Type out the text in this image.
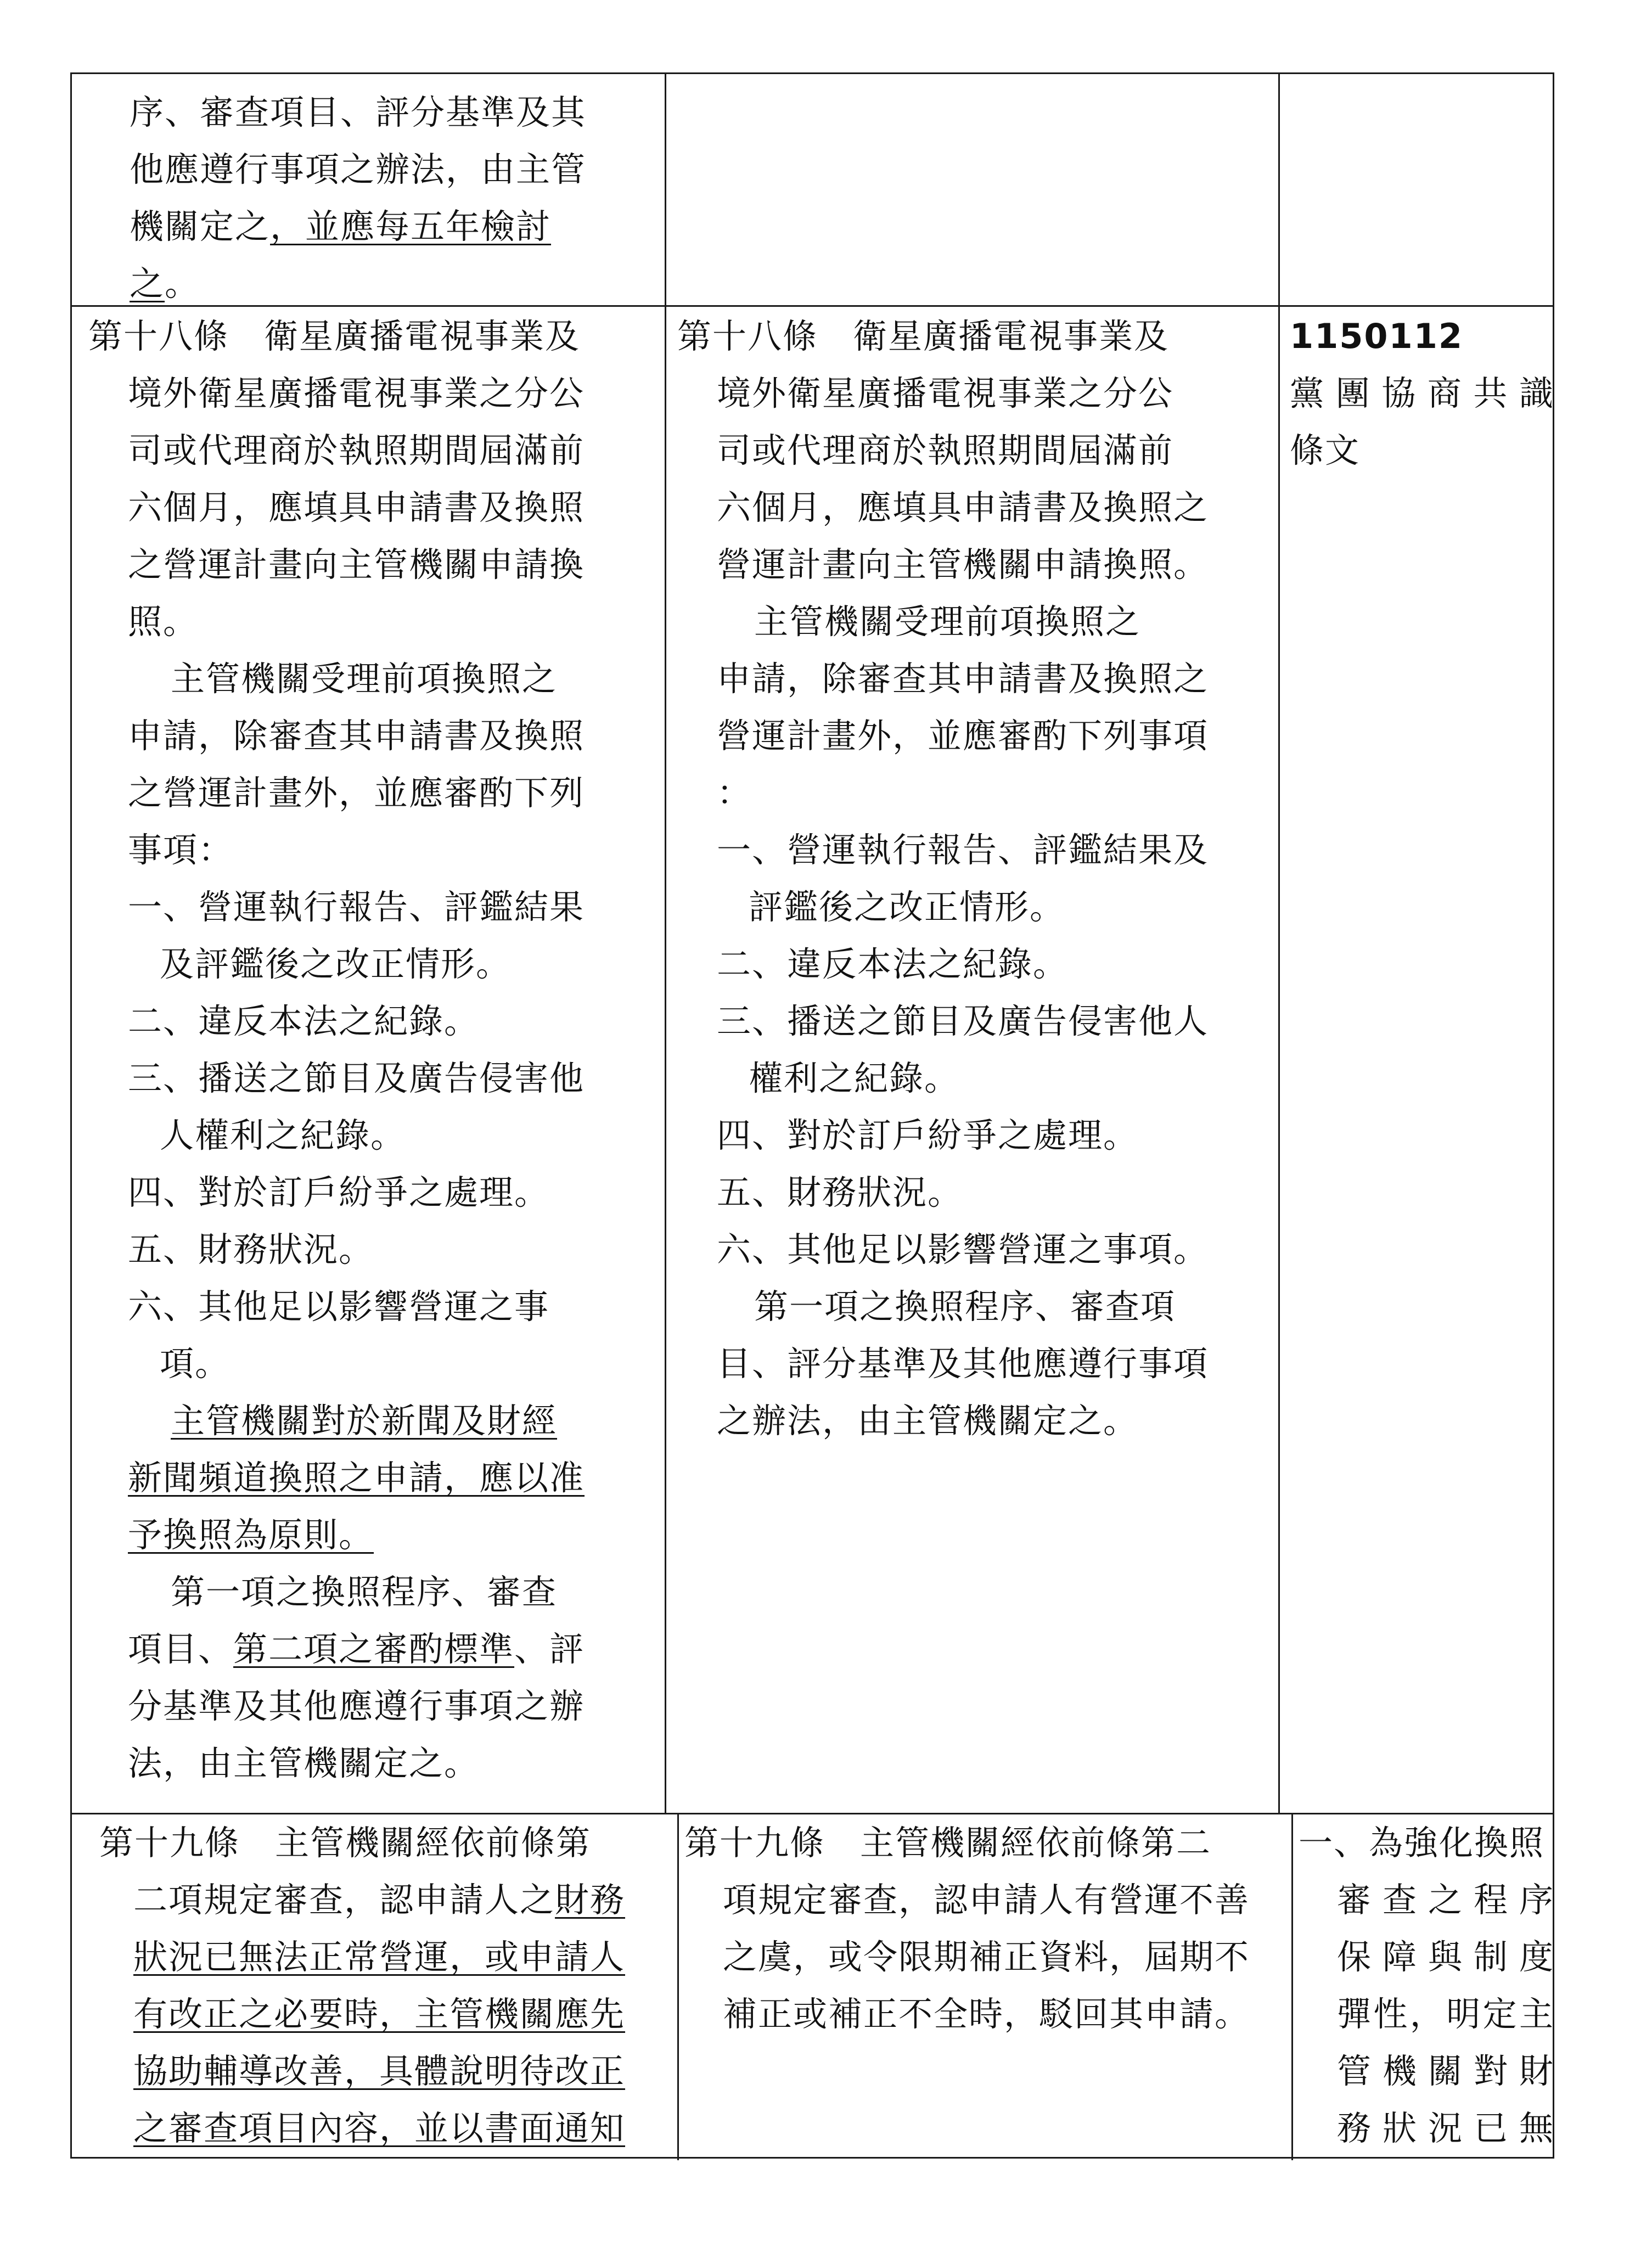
序、審查項目、評分基準及其
他應遵行事項之辦法，由主管
機關定之，並應每五年檢討
之。
第十八條　衛星廣播電視事業及
境外衛星廣播電視事業之分公
司或代理商於執照期間屆滿前
六個月，應填具申請書及換照
之營運計畫向主管機關申請換
照。
主管機關受理前項換照之
申請，除審查其申請書及換照
之營運計畫外，並應審酌下列
事項：
一、營運執行報告、評鑑結果
及評鑑後之改正情形。
二、違反本法之紀錄。
三、播送之節目及廣告侵害他
人權利之紀錄。
四、對於訂戶紛爭之處理。
五、財務狀況。
六、其他足以影響營運之事
項。
主管機關對於新聞及財經
新聞頻道換照之申請，應以准
予換照為原則。
第一項之換照程序、審查
項目、第二項之審酌標準、評
分基準及其他應遵行事項之辦
法，由主管機關定之。
第十八條　衛星廣播電視事業及
境外衛星廣播電視事業之分公
司或代理商於執照期間屆滿前
六個月，應填具申請書及換照之
營運計畫向主管機關申請換照。
主管機關受理前項換照之
申請，除審查其申請書及換照之
營運計畫外，並應審酌下列事項
：
一、營運執行報告、評鑑結果及
評鑑後之改正情形。
二、違反本法之紀錄。
三、播送之節目及廣告侵害他人
權利之紀錄。
四、對於訂戶紛爭之處理。
五、財務狀況。
六、其他足以影響營運之事項。
第一項之換照程序、審查項
目、評分基準及其他應遵行事項
之辦法，由主管機關定之。
1150112
黨團協商共識
條文
第十九條　主管機關經依前條第
二項規定審查，認申請人之財務
狀況已無法正常營運，或申請人
有改正之必要時，主管機關應先
協助輔導改善，具體說明待改正
之審查項目內容，並以書面通知
第十九條　主管機關經依前條第二
項規定審查，認申請人有營運不善
之虞，或令限期補正資料，屆期不
補正或補正不全時，駁回其申請。
一、為強化換照
審查之程序
保障與制度
彈性，明定主
管機關對財
務狀況已無
